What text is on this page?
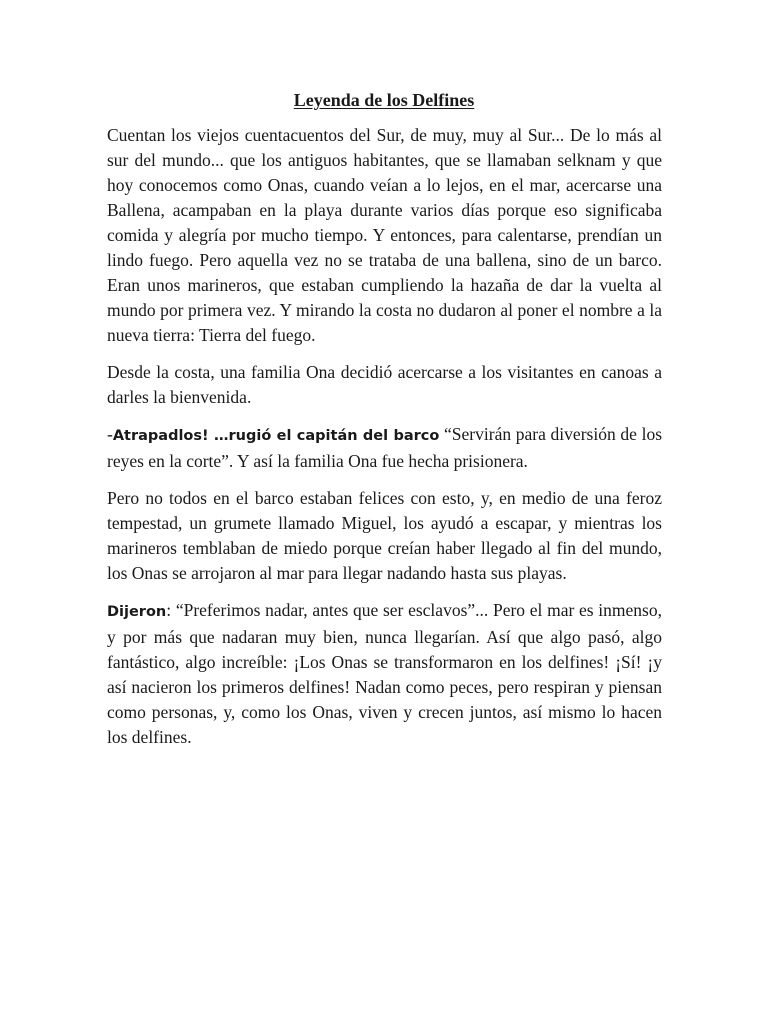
Leyenda de los Delfines

Cuentan los viejos cuentacuentos del Sur, de muy, muy al Sur... De lo más al sur del mundo... que los antiguos habitantes, que se llamaban selknam y que hoy conocemos como Onas, cuando veían a lo lejos, en el mar, acercarse una Ballena, acampaban en la playa durante varios días porque eso significaba comida y alegría por mucho tiempo. Y entonces, para calentarse, prendían un lindo fuego. Pero aquella vez no se trataba de una ballena, sino de un barco. Eran unos marineros, que estaban cumpliendo la hazaña de dar la vuelta al mundo por primera vez. Y mirando la costa no dudaron al poner el nombre a la nueva tierra: Tierra del fuego.

Desde la costa, una familia Ona decidió acercarse a los visitantes en canoas a darles la bienvenida.

-Atrapadlos! …rugió el capitán del barco “Servirán para diversión de los reyes en la corte”. Y así la familia Ona fue hecha prisionera.

Pero no todos en el barco estaban felices con esto, y, en medio de una feroz tempestad, un grumete llamado Miguel, los ayudó a escapar, y mientras los marineros temblaban de miedo porque creían haber llegado al fin del mundo, los Onas se arrojaron al mar para llegar nadando hasta sus playas.

Dijeron: “Preferimos nadar, antes que ser esclavos”... Pero el mar es inmenso, y por más que nadaran muy bien, nunca llegarían. Así que algo pasó, algo fantástico, algo increíble: ¡Los Onas se transformaron en los delfines! ¡Sí! ¡y así nacieron los primeros delfines! Nadan como peces, pero respiran y piensan como personas, y, como los Onas, viven y crecen juntos, así mismo lo hacen los delfines.
